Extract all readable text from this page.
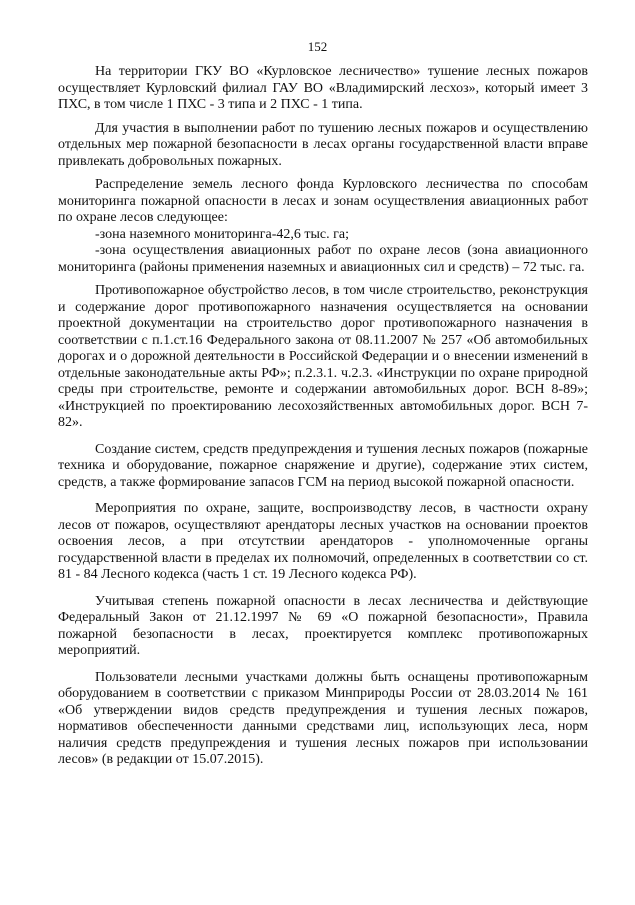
152

На территории ГКУ ВО «Курловское лесничество» тушение лесных пожаров осуществляет Курловский филиал ГАУ ВО «Владимирский лесхоз», который имеет 3 ПХС, в том числе 1 ПХС - 3 типа и 2 ПХС - 1 типа.

Для участия в выполнении работ по тушению лесных пожаров и осуществлению отдельных мер пожарной безопасности в лесах органы государственной власти вправе привлекать добровольных пожарных.

Распределение земель лесного фонда Курловского лесничества по способам мониторинга пожарной опасности в лесах и зонам осуществления авиационных работ по охране лесов следующее:

-зона наземного мониторинга-42,6 тыс. га;

-зона осуществления авиационных работ по охране лесов (зона авиационного мониторинга (районы применения наземных и авиационных сил и средств) – 72 тыс. га.

Противопожарное обустройство лесов, в том числе строительство, реконструкция и содержание дорог противопожарного назначения осуществляется на основании проектной документации на строительство дорог противопожарного назначения в соответствии с п.1.ст.16 Федерального закона от 08.11.2007 № 257 «Об автомобильных дорогах и о дорожной деятельности в Российской Федерации и о внесении изменений в отдельные законодательные акты РФ»; п.2.3.1. ч.2.3. «Инструкции по охране природной среды при строительстве, ремонте и содержании автомобильных дорог. ВСН 8-89»; «Инструкцией по проектированию лесохозяйственных автомобильных дорог. ВСН 7-82».

Создание систем, средств предупреждения и тушения лесных пожаров (пожарные техника и оборудование, пожарное снаряжение и другие), содержание этих систем, средств, а также формирование запасов ГСМ на период высокой пожарной опасности.

Мероприятия по охране, защите, воспроизводству лесов, в частности охрану лесов от пожаров, осуществляют арендаторы лесных участков на основании проектов освоения лесов, а при отсутствии арендаторов - уполномоченные органы государственной власти в пределах их полномочий, определенных в соответствии со ст. 81 - 84 Лесного кодекса (часть 1 ст. 19 Лесного кодекса РФ).

Учитывая степень пожарной опасности в лесах лесничества и действующие Федеральный Закон от 21.12.1997 № 69 «О пожарной безопасности», Правила пожарной безопасности в лесах, проектируется комплекс противопожарных мероприятий.

Пользователи лесными участками должны быть оснащены противопожарным оборудованием в соответствии с приказом Минприроды России от 28.03.2014 № 161 «Об утверждении видов средств предупреждения и тушения лесных пожаров, нормативов обеспеченности данными средствами лиц, использующих леса, норм наличия средств предупреждения и тушения лесных пожаров при использовании лесов» (в редакции от 15.07.2015).
